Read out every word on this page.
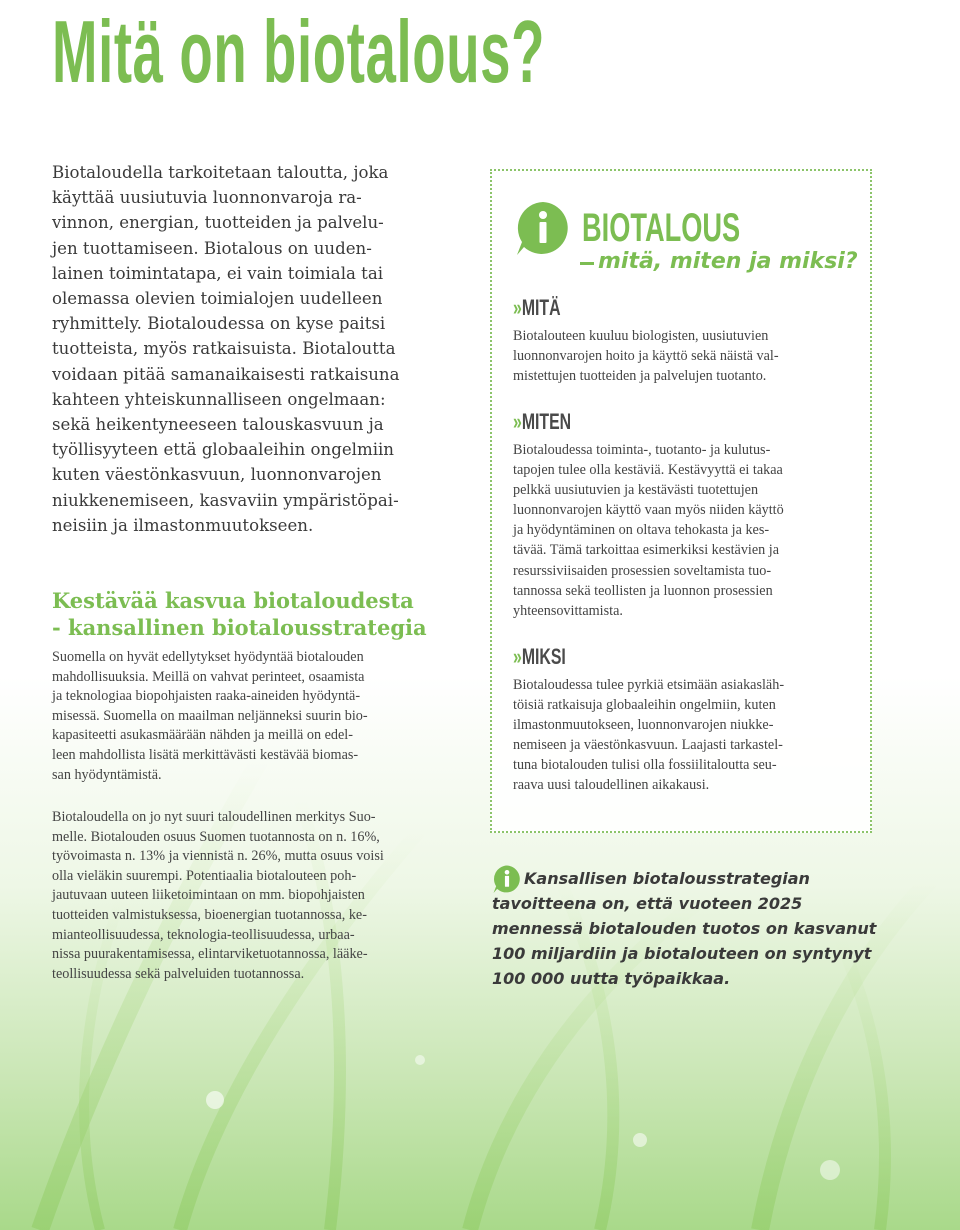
Mitä on biotalous?
Biotaloudella tarkoitetaan taloutta, joka
käyttää uusiutuvia luonnonvaroja ra-
vinnon, energian, tuotteiden ja palvelu-
jen tuottamiseen. Biotalous on uuden-
lainen toimintatapa, ei vain toimiala tai
olemassa olevien toimialojen uudelleen
ryhmittely. Biotaloudessa on kyse paitsi
tuotteista, myös ratkaisuista. Biotaloutta
voidaan pitää samanaikaisesti ratkaisuna
kahteen yhteiskunnalliseen ongelmaan:
sekä heikentyneeseen talouskasvuun ja
työllisyyteen että globaaleihin ongelmiin
kuten väestönkasvuun, luonnonvarojen
niukkenemiseen, kasvaviin ympäristöpai-
neisiin ja ilmastonmuutokseen.
Kestävää kasvua biotaloudesta
- kansallinen biotalousstrategia
Suomella on hyvät edellytykset hyödyntää biotalouden
mahdollisuuksia. Meillä on vahvat perinteet, osaamista
ja teknologiaa biopohjaisten raaka-aineiden hyödyntä-
misessä. Suomella on maailman neljänneksi suurin bio-
kapasiteetti asukasmäärään nähden ja meillä on edel-
leen mahdollista lisätä merkittävästi kestävää biomas-
san hyödyntämistä.
Biotaloudella on jo nyt suuri taloudellinen merkitys Suo-
melle. Biotalouden osuus Suomen tuotannosta on n. 16%,
työvoimasta n. 13% ja viennistä n. 26%, mutta osuus voisi
olla vieläkin suurempi. Potentiaalia biotalouteen poh-
jautuvaan uuteen liiketoimintaan on mm. biopohjaisten
tuotteiden valmistuksessa, bioenergian tuotannossa, ke-
mianteollisuudessa, teknologia-teollisuudessa, urbaa-
nissa puurakentamisessa, elintarviketuotannossa, lääke-
teollisuudessa sekä palveluiden tuotannossa.
BIOTALOUS
mitä, miten ja miksi?
»MITÄ
Biotalouteen kuuluu biologisten, uusiutuvien
luonnonvarojen hoito ja käyttö sekä näistä val-
mistettujen tuotteiden ja palvelujen tuotanto.
»MITEN
Biotaloudessa toiminta-, tuotanto- ja kulutus-
tapojen tulee olla kestäviä. Kestävyyttä ei takaa
pelkkä uusiutuvien ja kestävästi tuotettujen
luonnonvarojen käyttö vaan myös niiden käyttö
ja hyödyntäminen on oltava tehokasta ja kes-
tävää. Tämä tarkoittaa esimerkiksi kestävien ja
resurssiviisaiden prosessien soveltamista tuo-
tannossa sekä teollisten ja luonnon prosessien
yhteensovittamista.
»MIKSI
Biotaloudessa tulee pyrkiä etsimään asiakasläh-
töisiä ratkaisuja globaaleihin ongelmiin, kuten
ilmastonmuutokseen, luonnonvarojen niukke-
nemiseen ja väestönkasvuun. Laajasti tarkastel-
tuna biotalouden tulisi olla fossiilitaloutta seu-
raava uusi taloudellinen aikakausi.
Kansallisen biotalousstrategian
tavoitteena on, että vuoteen 2025
mennessä biotalouden tuotos on kasvanut
100 miljardiin ja biotalouteen on syntynyt
100 000 uutta työpaikkaa.
